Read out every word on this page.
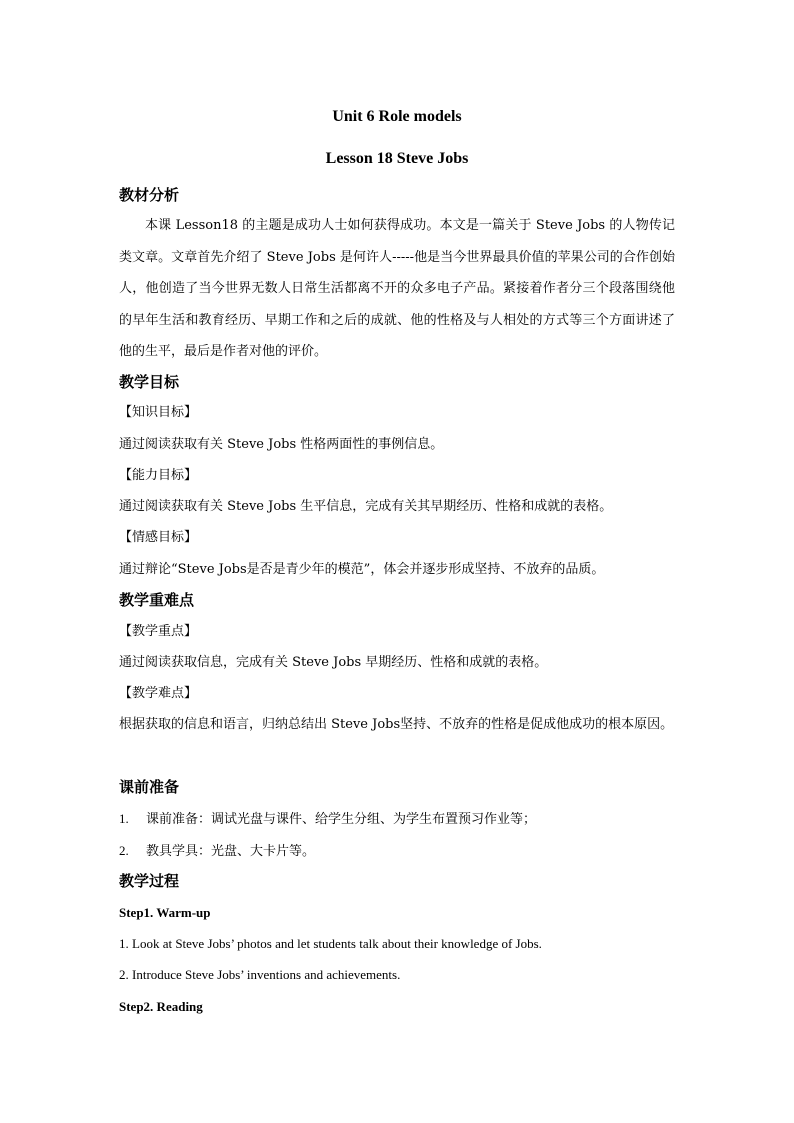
Unit 6 Role models
Lesson 18 Steve Jobs
教材分析

本课 Lesson18 的主题是成功人士如何获得成功。本文是一篇关于 Steve Jobs 的人物传记类文章。文章首先介绍了 Steve Jobs 是何许人-----他是当今世界最具价值的苹果公司的合作创始人，他创造了当今世界无数人日常生活都离不开的众多电子产品。紧接着作者分三个段落围绕他的早年生活和教育经历、早期工作和之后的成就、他的性格及与人相处的方式等三个方面讲述了他的生平，最后是作者对他的评价。

教学目标
【知识目标】
通过阅读获取有关 Steve Jobs 性格两面性的事例信息。
【能力目标】
通过阅读获取有关 Steve Jobs 生平信息，完成有关其早期经历、性格和成就的表格。
【情感目标】
通过辩论“Steve Jobs是否是青少年的模范”，体会并逐步形成坚持、不放弃的品质。
教学重难点
【教学重点】
通过阅读获取信息，完成有关 Steve Jobs 早期经历、性格和成就的表格。
【教学难点】

根据获取的信息和语言，归纳总结出 Steve Jobs坚持、不放弃的性格是促成他成功的根本原因。

课前准备
1. 课前准备：调试光盘与课件、给学生分组、为学生布置预习作业等；
2. 教具学具：光盘、大卡片等。
教学过程
Step1. Warm-up
1. Look at Steve Jobs’ photos and let students talk about their knowledge of Jobs.
2. Introduce Steve Jobs’ inventions and achievements.
Step2. Reading
